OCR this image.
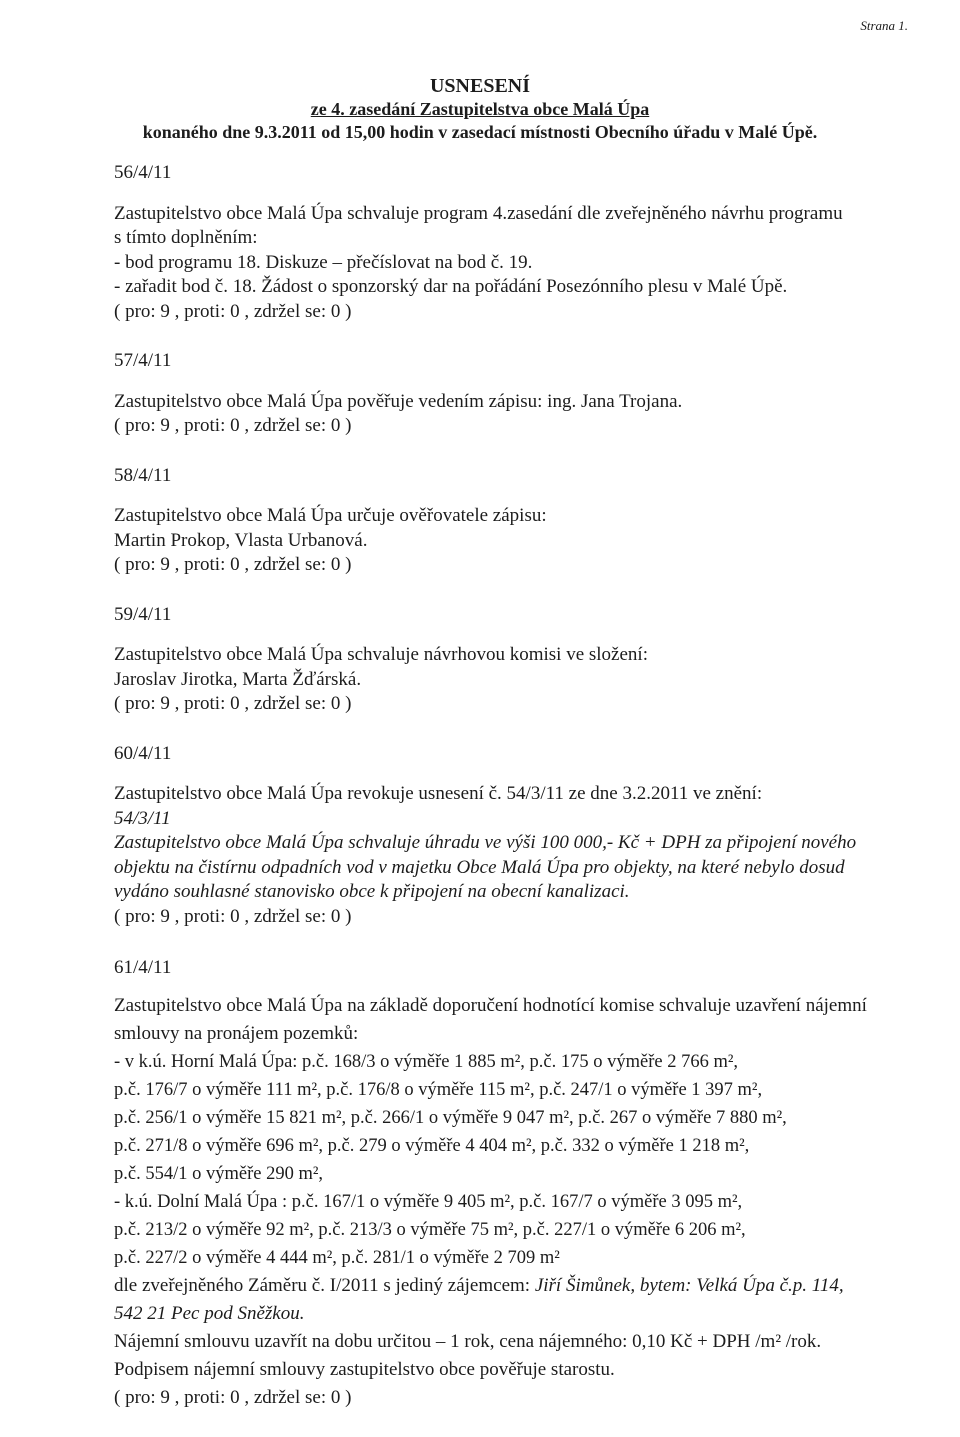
Strana 1.
USNESENÍ
ze 4. zasedání Zastupitelstva obce Malá Úpa
konaného dne 9.3.2011 od 15,00 hodin v zasedací místnosti Obecního úřadu v Malé Úpě.
56/4/11
Zastupitelstvo obce Malá Úpa schvaluje program 4.zasedání dle zveřejněného návrhu programu
s tímto doplněním:
- bod programu 18. Diskuze – přečíslovat na bod č. 19.
- zařadit bod č. 18. Žádost o sponzorský dar na pořádání Posezónního plesu v Malé Úpě.
( pro: 9 , proti: 0 , zdržel se: 0 )
57/4/11
Zastupitelstvo obce Malá Úpa pověřuje vedením zápisu: ing. Jana Trojana.
( pro: 9 , proti: 0 , zdržel se: 0 )
58/4/11
Zastupitelstvo obce Malá Úpa určuje ověřovatele zápisu:
Martin Prokop, Vlasta Urbanová.
( pro: 9 , proti: 0 , zdržel se: 0 )
59/4/11
Zastupitelstvo obce Malá Úpa schvaluje návrhovou komisi ve složení:
Jaroslav Jirotka, Marta Žďárská.
( pro: 9 , proti: 0 , zdržel se: 0 )
60/4/11
Zastupitelstvo obce Malá Úpa revokuje usnesení č. 54/3/11 ze dne 3.2.2011 ve znění:
54/3/11
Zastupitelstvo obce Malá Úpa schvaluje úhradu ve výši 100 000,- Kč + DPH za připojení nového
objektu na čistírnu odpadních vod v majetku Obce Malá Úpa pro objekty, na které nebylo dosud
vydáno souhlasné stanovisko obce k připojení na obecní kanalizaci.
( pro: 9 , proti: 0 , zdržel se: 0 )
61/4/11
Zastupitelstvo obce Malá Úpa na základě doporučení hodnotící komise schvaluje uzavření nájemní
smlouvy na pronájem pozemků:
- v k.ú. Horní Malá Úpa: p.č. 168/3 o výměře 1 885 m², p.č. 175 o výměře 2 766 m²,
p.č. 176/7 o výměře 111 m², p.č. 176/8 o výměře 115 m², p.č. 247/1 o výměře 1 397 m²,
p.č. 256/1 o výměře 15 821 m², p.č. 266/1 o výměře 9 047 m², p.č. 267 o výměře 7 880 m²,
p.č. 271/8 o výměře 696 m², p.č. 279 o výměře 4 404 m², p.č. 332 o výměře 1 218 m²,
p.č. 554/1 o výměře 290 m²,
- k.ú. Dolní Malá Úpa : p.č. 167/1 o výměře 9 405 m², p.č. 167/7 o výměře 3 095 m²,
p.č. 213/2 o výměře 92 m², p.č. 213/3 o výměře 75 m², p.č. 227/1 o výměře 6 206 m²,
p.č. 227/2 o výměře 4 444 m², p.č. 281/1 o výměře 2 709 m²
dle zveřejněného Záměru č. I/2011 s jediný zájemcem: Jiří Šimůnek, bytem: Velká Úpa č.p. 114,
542 21 Pec pod Sněžkou.
Nájemní smlouvu uzavřít na dobu určitou – 1 rok, cena nájemného: 0,10 Kč + DPH /m² /rok.
Podpisem nájemní smlouvy zastupitelstvo obce pověřuje starostu.
( pro: 9 , proti: 0 , zdržel se: 0 )
